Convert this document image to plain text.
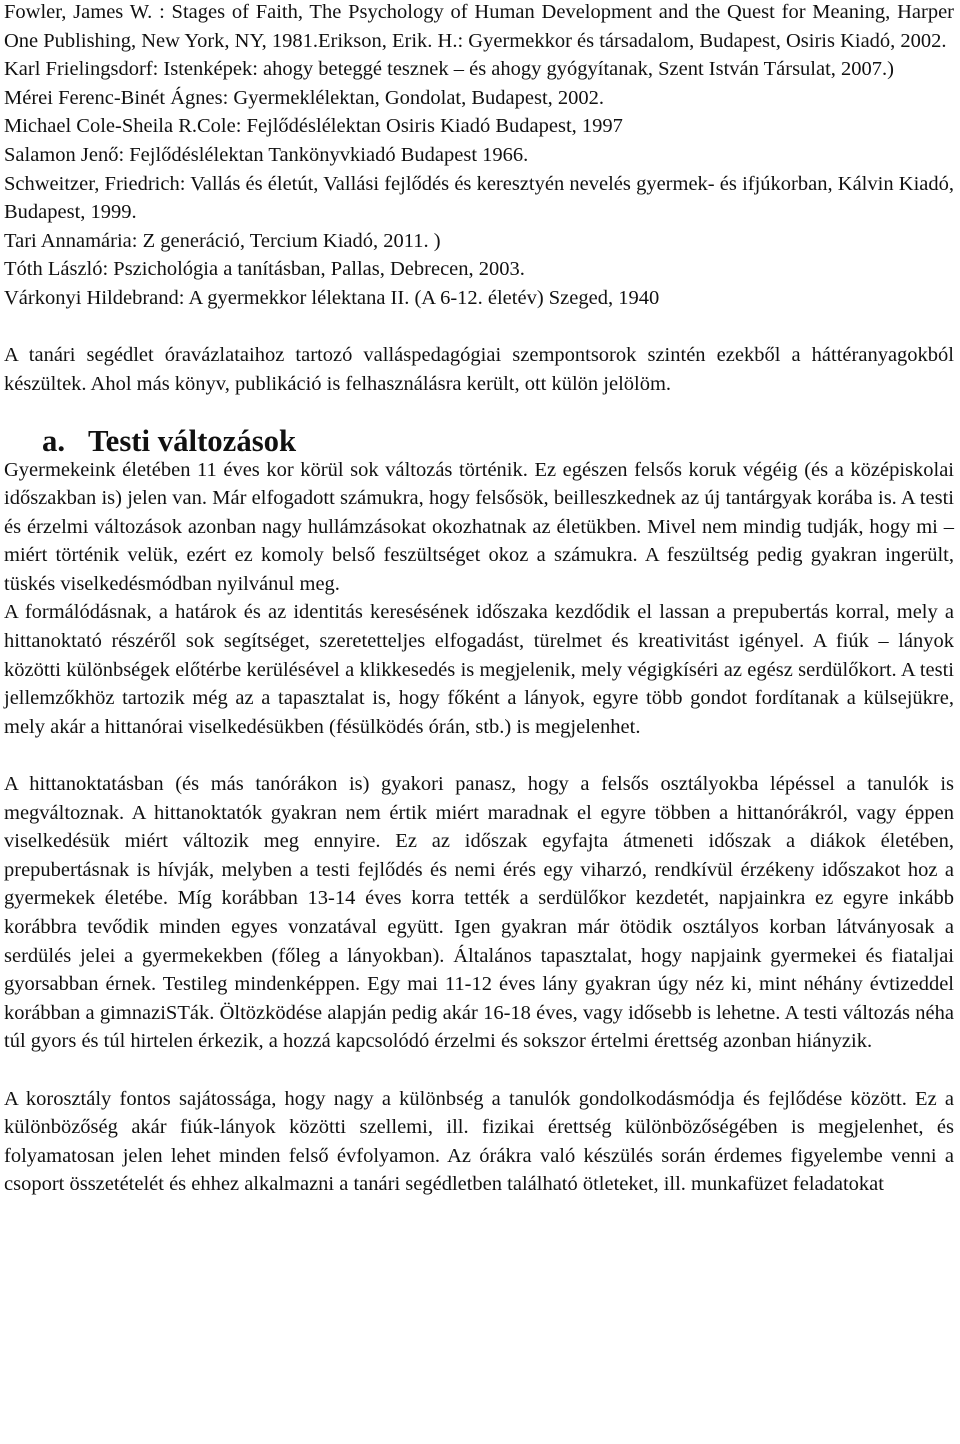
Fowler, James W. : Stages of Faith, The Psychology of Human Development and the Quest for Meaning, Harper One Publishing, New York, NY, 1981.Erikson, Erik. H.: Gyermekkor és társadalom, Budapest, Osiris Kiadó, 2002.

Karl Frielingsdorf: Istenképek: ahogy beteggé tesznek – és ahogy gyógyítanak, Szent István Társulat, 2007.)

Mérei Ferenc-Binét Ágnes: Gyermeklélektan, Gondolat, Budapest, 2002.

Michael Cole-Sheila R.Cole: Fejlődéslélektan Osiris Kiadó Budapest, 1997

Salamon Jenő: Fejlődéslélektan Tankönyvkiadó Budapest 1966.

Schweitzer, Friedrich: Vallás és életút, Vallási fejlődés és keresztyén nevelés gyermek- és ifjúkorban, Kálvin Kiadó, Budapest, 1999.

Tari Annamária: Z generáció, Tercium Kiadó, 2011. )

Tóth László: Pszichológia a tanításban, Pallas, Debrecen, 2003.

Várkonyi Hildebrand: A gyermekkor lélektana II. (A 6-12. életév) Szeged, 1940

A tanári segédlet óravázlataihoz tartozó valláspedagógiai szempontsorok szintén ezekből a háttéranyagokból készültek. Ahol más könyv, publikáció is felhasználásra került, ott külön jelölöm.

a. Testi változások

Gyermekeink életében 11 éves kor körül sok változás történik. Ez egészen felsős koruk végéig (és a középiskolai időszakban is) jelen van. Már elfogadott számukra, hogy felsősök, beilleszkednek az új tantárgyak korába is. A testi és érzelmi változások azonban nagy hullámzásokat okozhatnak az életükben. Mivel nem mindig tudják, hogy mi – miért történik velük, ezért ez komoly belső feszültséget okoz a számukra. A feszültség pedig gyakran ingerült, tüskés viselkedésmódban nyilvánul meg.

A formálódásnak, a határok és az identitás keresésének időszaka kezdődik el lassan a prepubertás korral, mely a hittanoktató részéről sok segítséget, szeretetteljes elfogadást, türelmet és kreativitást igényel. A fiúk – lányok közötti különbségek előtérbe kerülésével a klikkesedés is megjelenik, mely végigkíséri az egész serdülőkort. A testi jellemzőkhöz tartozik még az a tapasztalat is, hogy főként a lányok, egyre több gondot fordítanak a külsejükre, mely akár a hittanórai viselkedésükben (fésülködés órán, stb.) is megjelenhet.

A hittanoktatásban (és más tanórákon is) gyakori panasz, hogy a felsős osztályokba lépéssel a tanulók is megváltoznak. A hittanoktatók gyakran nem értik miért maradnak el egyre többen a hittanórákról, vagy éppen viselkedésük miért változik meg ennyire. Ez az időszak egyfajta átmeneti időszak a diákok életében, prepubertásnak is hívják, melyben a testi fejlődés és nemi érés egy viharzó, rendkívül érzékeny időszakot hoz a gyermekek életébe. Míg korábban 13-14 éves korra tették a serdülőkor kezdetét, napjainkra ez egyre inkább korábbra tevődik minden egyes vonzatával együtt. Igen gyakran már ötödik osztályos korban látványosak a serdülés jelei a gyermekekben (főleg a lányokban). Általános tapasztalat, hogy napjaink gyermekei és fiataljai gyorsabban érnek. Testileg mindenképpen. Egy mai 11-12 éves lány gyakran úgy néz ki, mint néhány évtizeddel korábban a gimnaziSTák. Öltözködése alapján pedig akár 16-18 éves, vagy idősebb is lehetne. A testi változás néha túl gyors és túl hirtelen érkezik, a hozzá kapcsolódó érzelmi és sokszor értelmi érettség azonban hiányzik.

A korosztály fontos sajátossága, hogy nagy a különbség a tanulók gondolkodásmódja és fejlődése között. Ez a különbözőség akár fiúk-lányok közötti szellemi, ill. fizikai érettség különbözőségében is megjelenhet, és folyamatosan jelen lehet minden felső évfolyamon. Az órákra való készülés során érdemes figyelembe venni a csoport összetételét és ehhez alkalmazni a tanári segédletben található ötleteket, ill. munkafüzet feladatokat
